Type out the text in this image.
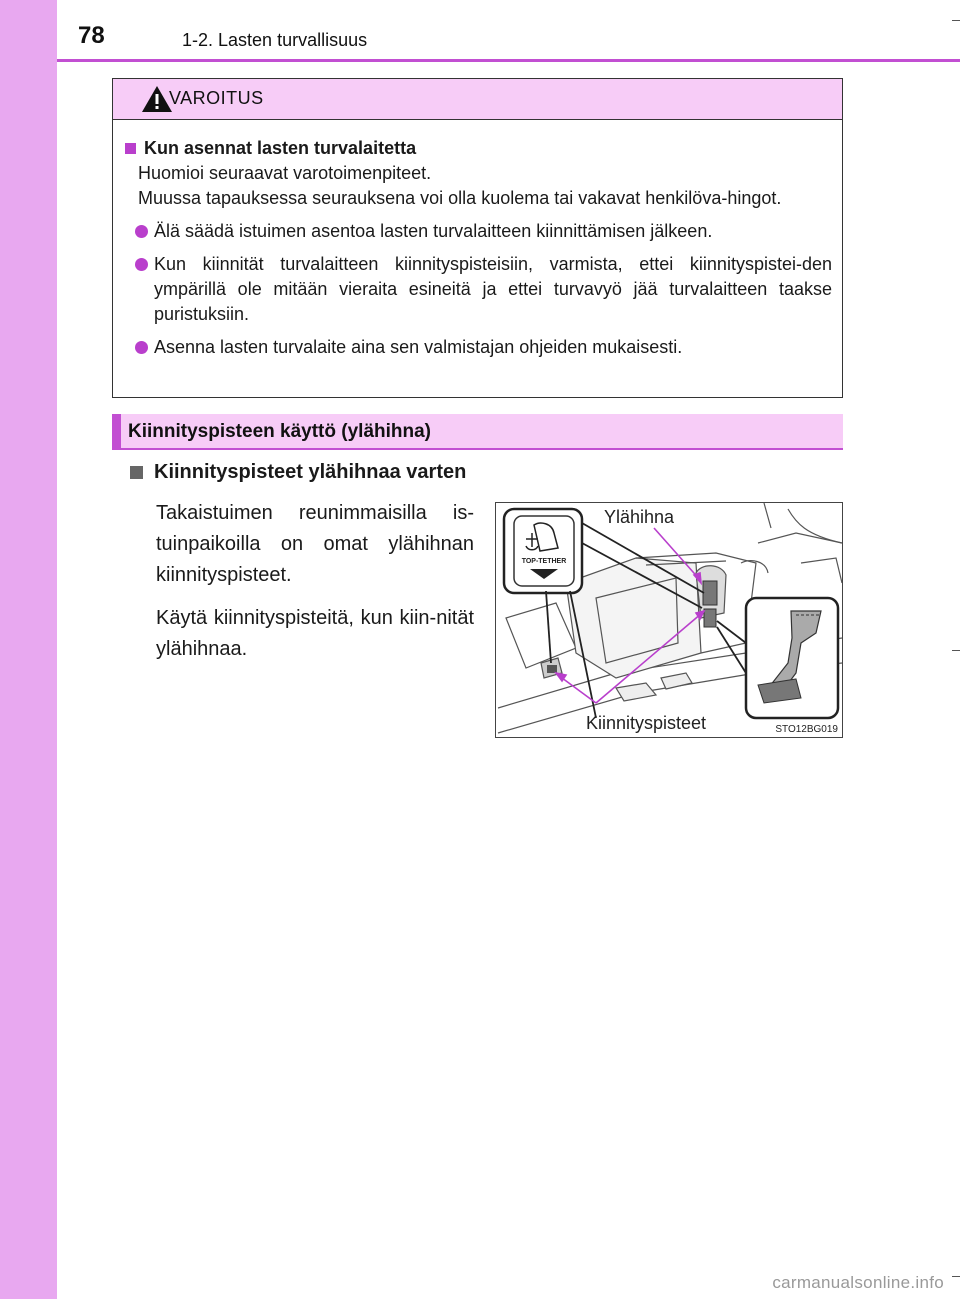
78	1-2. Lasten turvallisuus
VAROITUS
Kun asennat lasten turvalaitetta
Huomioi seuraavat varotoimenpiteet.
Muussa tapauksessa seurauksena voi olla kuolema tai vakavat henkilöva-hingot.
Älä säädä istuimen asentoa lasten turvalaitteen kiinnittämisen jälkeen.
Kun kiinnität turvalaitteen kiinnityspisteisiin, varmista, ettei kiinnityspistei-den ympärillä ole mitään vieraita esineitä ja ettei turvavyö jää turvalaitteen taakse puristuksiin.
Asenna lasten turvalaite aina sen valmistajan ohjeiden mukaisesti.
Kiinnityspisteen käyttö (ylähihna)
Kiinnityspisteet ylähihnaa varten

Takaistuimen reunimmaisilla is-tuinpaikoilla on omat ylähihnan kiinnityspisteet.

Käytä kiinnityspisteitä, kun kiin-nität ylähihnaa.

TOP-TETHER
Ylähihna
Kiinnityspisteet	STO12BG019
carmanualsonline.info
